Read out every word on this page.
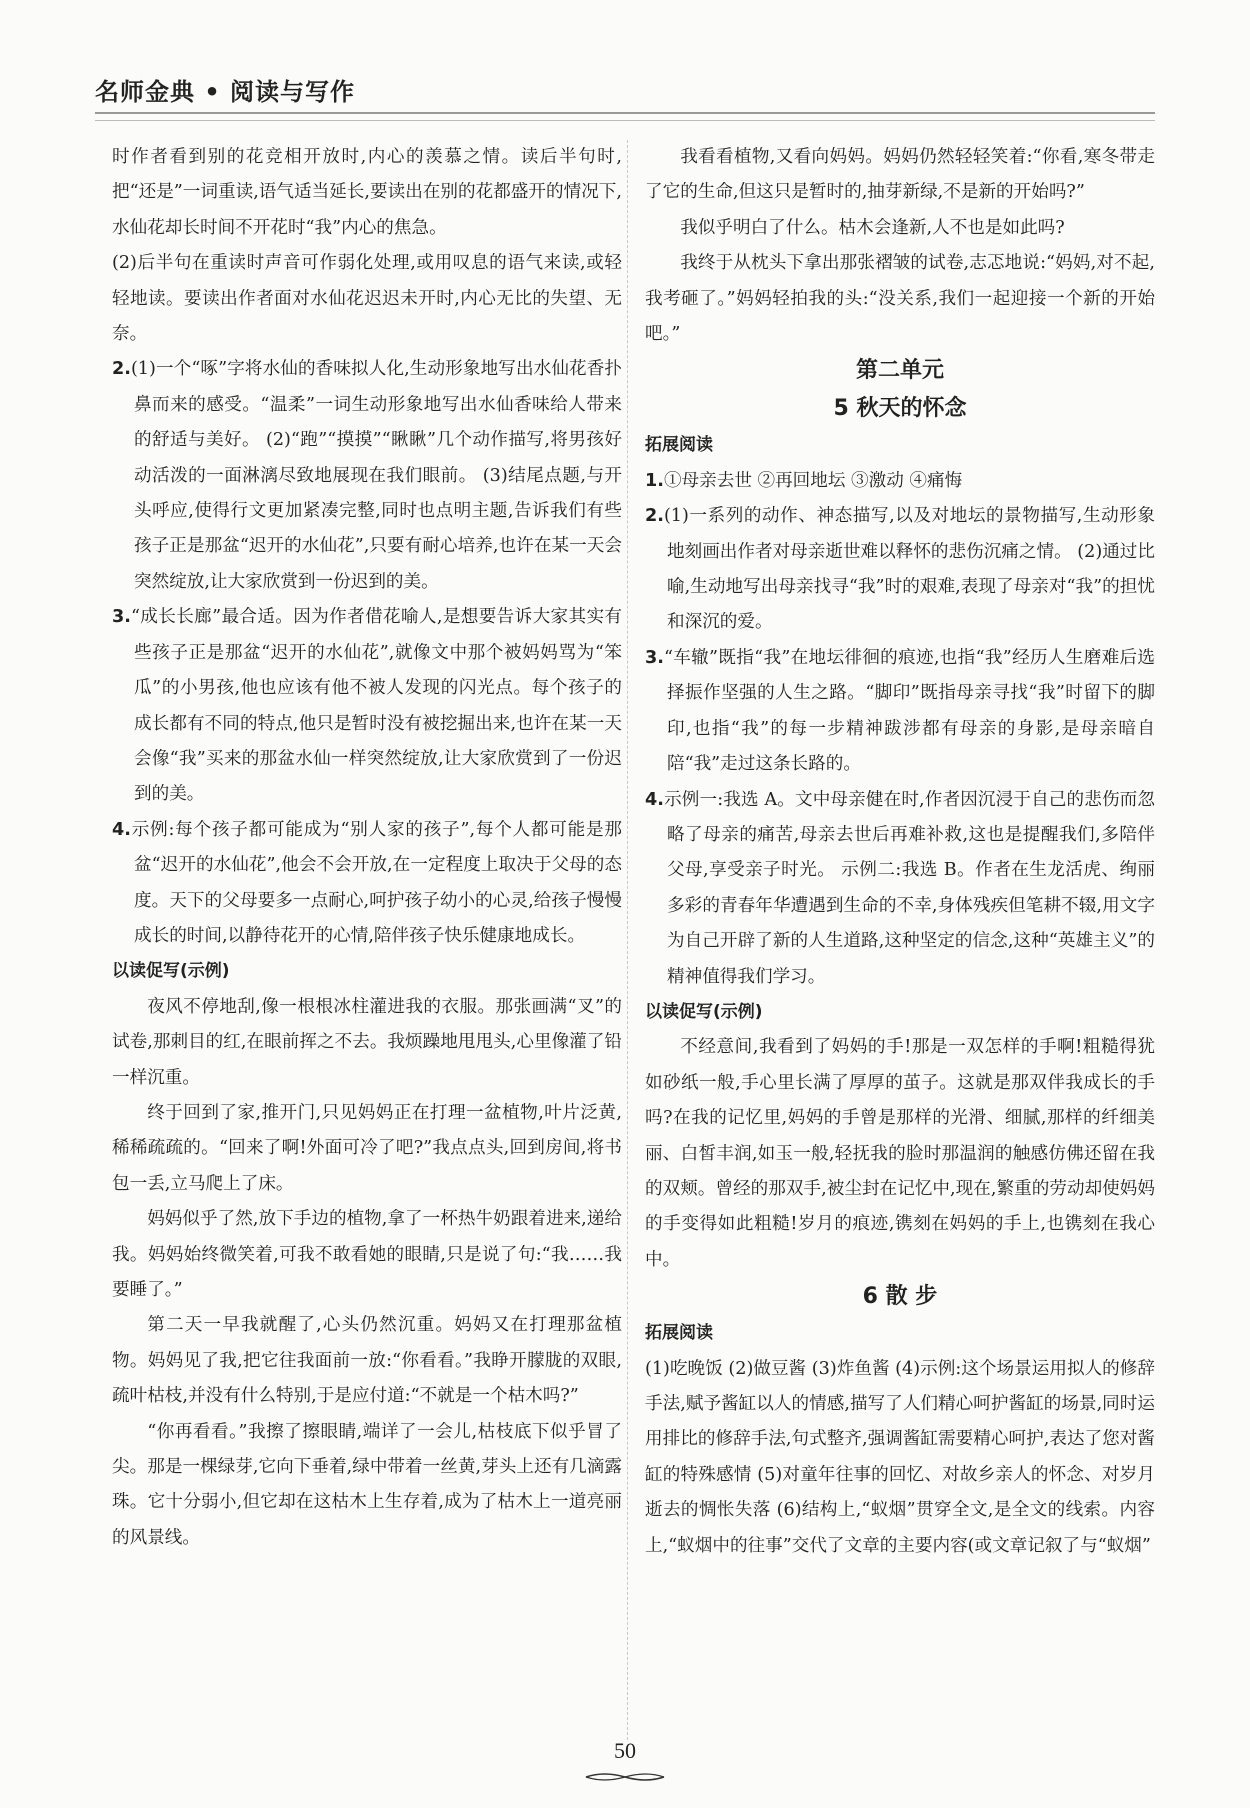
名师金典 • 阅读与写作

时作者看到别的花竞相开放时,内心的羡慕之情。读后半句时,把“还是”一词重读,语气适当延长,要读出在别的花都盛开的情况下,水仙花却长时间不开花时“我”内心的焦急。

(2)后半句在重读时声音可作弱化处理,或用叹息的语气来读,或轻轻地读。要读出作者面对水仙花迟迟未开时,内心无比的失望、无奈。

2.(1)一个“啄”字将水仙的香味拟人化,生动形象地写出水仙花香扑鼻而来的感受。“温柔”一词生动形象地写出水仙香味给人带来的舒适与美好。 (2)“跑”“摸摸”“瞅瞅”几个动作描写,将男孩好动活泼的一面淋漓尽致地展现在我们眼前。 (3)结尾点题,与开头呼应,使得行文更加紧凑完整,同时也点明主题,告诉我们有些孩子正是那盆“迟开的水仙花”,只要有耐心培养,也许在某一天会突然绽放,让大家欣赏到一份迟到的美。

3.“成长长廊”最合适。因为作者借花喻人,是想要告诉大家其实有些孩子正是那盆“迟开的水仙花”,就像文中那个被妈妈骂为“笨瓜”的小男孩,他也应该有他不被人发现的闪光点。每个孩子的成长都有不同的特点,他只是暂时没有被挖掘出来,也许在某一天会像“我”买来的那盆水仙一样突然绽放,让大家欣赏到了一份迟到的美。

4.示例:每个孩子都可能成为“别人家的孩子”,每个人都可能是那盆“迟开的水仙花”,他会不会开放,在一定程度上取决于父母的态度。天下的父母要多一点耐心,呵护孩子幼小的心灵,给孩子慢慢成长的时间,以静待花开的心情,陪伴孩子快乐健康地成长。

以读促写(示例)

夜风不停地刮,像一根根冰柱灌进我的衣服。那张画满“叉”的试卷,那刺目的红,在眼前挥之不去。我烦躁地甩甩头,心里像灌了铅一样沉重。

终于回到了家,推开门,只见妈妈正在打理一盆植物,叶片泛黄,稀稀疏疏的。“回来了啊!外面可冷了吧?”我点点头,回到房间,将书包一丢,立马爬上了床。

妈妈似乎了然,放下手边的植物,拿了一杯热牛奶跟着进来,递给我。妈妈始终微笑着,可我不敢看她的眼睛,只是说了句:“我……我要睡了。”

第二天一早我就醒了,心头仍然沉重。妈妈又在打理那盆植物。妈妈见了我,把它往我面前一放:“你看看。”我睁开朦胧的双眼,疏叶枯枝,并没有什么特别,于是应付道:“不就是一个枯木吗?”

“你再看看。”我擦了擦眼睛,端详了一会儿,枯枝底下似乎冒了尖。那是一棵绿芽,它向下垂着,绿中带着一丝黄,芽头上还有几滴露珠。它十分弱小,但它却在这枯木上生存着,成为了枯木上一道亮丽的风景线。

我看看植物,又看向妈妈。妈妈仍然轻轻笑着:“你看,寒冬带走了它的生命,但这只是暂时的,抽芽新绿,不是新的开始吗?”

我似乎明白了什么。枯木会逢新,人不也是如此吗?

我终于从枕头下拿出那张褶皱的试卷,志忑地说:“妈妈,对不起,我考砸了。”妈妈轻拍我的头:“没关系,我们一起迎接一个新的开始吧。”

第二单元
5 秋天的怀念

拓展阅读

1.①母亲去世 ②再回地坛 ③激动 ④痛悔

2.(1)一系列的动作、神态描写,以及对地坛的景物描写,生动形象地刻画出作者对母亲逝世难以释怀的悲伤沉痛之情。 (2)通过比喻,生动地写出母亲找寻“我”时的艰难,表现了母亲对“我”的担忧和深沉的爱。

3.“车辙”既指“我”在地坛徘徊的痕迹,也指“我”经历人生磨难后选择振作坚强的人生之路。“脚印”既指母亲寻找“我”时留下的脚印,也指“我”的每一步精神跋涉都有母亲的身影,是母亲暗自陪“我”走过这条长路的。

4.示例一:我选 A。文中母亲健在时,作者因沉浸于自己的悲伤而忽略了母亲的痛苦,母亲去世后再难补救,这也是提醒我们,多陪伴父母,享受亲子时光。 示例二:我选 B。作者在生龙活虎、绚丽多彩的青春年华遭遇到生命的不幸,身体残疾但笔耕不辍,用文字为自己开辟了新的人生道路,这种坚定的信念,这种“英雄主义”的精神值得我们学习。

以读促写(示例)

不经意间,我看到了妈妈的手!那是一双怎样的手啊!粗糙得犹如砂纸一般,手心里长满了厚厚的茧子。这就是那双伴我成长的手吗?在我的记忆里,妈妈的手曾是那样的光滑、细腻,那样的纤细美丽、白皙丰润,如玉一般,轻抚我的脸时那温润的触感仿佛还留在我的双颊。曾经的那双手,被尘封在记忆中,现在,繁重的劳动却使妈妈的手变得如此粗糙!岁月的痕迹,镌刻在妈妈的手上,也镌刻在我心中。

6 散 步

拓展阅读

(1)吃晚饭 (2)做豆酱 (3)炸鱼酱 (4)示例:这个场景运用拟人的修辞手法,赋予酱缸以人的情感,描写了人们精心呵护酱缸的场景,同时运用排比的修辞手法,句式整齐,强调酱缸需要精心呵护,表达了您对酱缸的特殊感情 (5)对童年往事的回忆、对故乡亲人的怀念、对岁月逝去的惆怅失落 (6)结构上,“蚁烟”贯穿全文,是全文的线索。内容上,“蚁烟中的往事”交代了文章的主要内容(或文章记叙了与“蚁烟”

50
